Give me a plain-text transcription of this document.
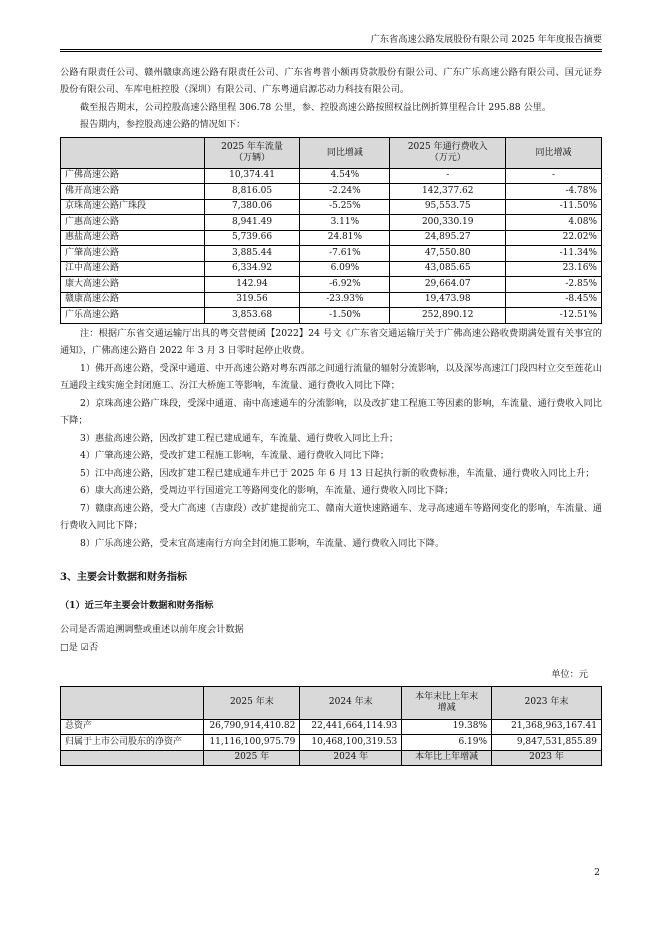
广东省高速公路发展股份有限公司 2025 年年度报告摘要

公路有限责任公司、赣州赣康高速公路有限责任公司、广东省粤普小额再贷款股份有限公司、广东广乐高速公路有限公司、国元证券股份有限公司、车库电桩控股（深圳）有限公司、广东粤通启源芯动力科技有限公司。

截至报告期末，公司控股高速公路里程 306.78 公里，参、控股高速公路按照权益比例折算里程合计 295.88 公里。

报告期内，参控股高速公路的情况如下：

	2025 年车流量
（万辆）	同比增减	2025 年通行费收入
（万元）	同比增减
广佛高速公路	10,374.41	4.54%	-	-
佛开高速公路	8,816.05	-2.24%	142,377.62	-4.78%
京珠高速公路广珠段	7,380.06	-5.25%	95,553.75	-11.50%
广惠高速公路	8,941.49	3.11%	200,330.19	4.08%
惠盐高速公路	5,739.66	24.81%	24,895.27	22.02%
广肇高速公路	3,885.44	-7.61%	47,550.80	-11.34%
江中高速公路	6,334.92	6.09%	43,085.65	23.16%
康大高速公路	142.94	-6.92%	29,664.07	-2.85%
赣康高速公路	319.56	-23.93%	19,473.98	-8.45%
广乐高速公路	3,853.68	-1.50%	252,890.12	-12.51%

注：根据广东省交通运输厅出具的粤交营便函【2022】24 号文《广东省交通运输厅关于广佛高速公路收费期满处置有关事宜的通知》，广佛高速公路自 2022 年 3 月 3 日零时起停止收费。

1）佛开高速公路，受深中通道、中开高速公路对粤东西部之间通行流量的辐射分流影响，以及深岑高速江门段四村立交至莲花山互通段主线实施全封闭施工、汾江大桥施工等影响，车流量、通行费收入同比下降；

2）京珠高速公路广珠段，受深中通道、南中高速通车的分流影响，以及改扩建工程施工等因素的影响，车流量、通行费收入同比下降；

3）惠盐高速公路，因改扩建工程已建成通车，车流量、通行费收入同比上升；

4）广肇高速公路，受改扩建工程施工影响，车流量、通行费收入同比下降；

5）江中高速公路，因改扩建工程已建成通车并已于 2025 年 6 月 13 日起执行新的收费标准，车流量、通行费收入同比上升；

6）康大高速公路，受周边平行国道完工等路网变化的影响，车流量、通行费收入同比下降；

7）赣康高速公路，受大广高速（吉康段）改扩建提前完工、赣南大道快速路通车、龙寻高速通车等路网变化的影响，车流量、通行费收入同比下降；

8）广乐高速公路，受末宜高速南行方向全封闭施工影响，车流量、通行费收入同比下降。

3、主要会计数据和财务指标
（1）近三年主要会计数据和财务指标

公司是否需追溯调整或重述以前年度会计数据

□是 ☑否

单位：元
	2025 年末	2024 年末	本年末比上年末
增减	2023 年末
总资产	26,790,914,410.82	22,441,664,114.93	19.38%	21,368,963,167.41
归属于上市公司股东的净资产	11,116,100,975.79	10,468,100,319.53	6.19%	9,847,531,855.89
	2025 年	2024 年	本年比上年增减	2023 年
2
